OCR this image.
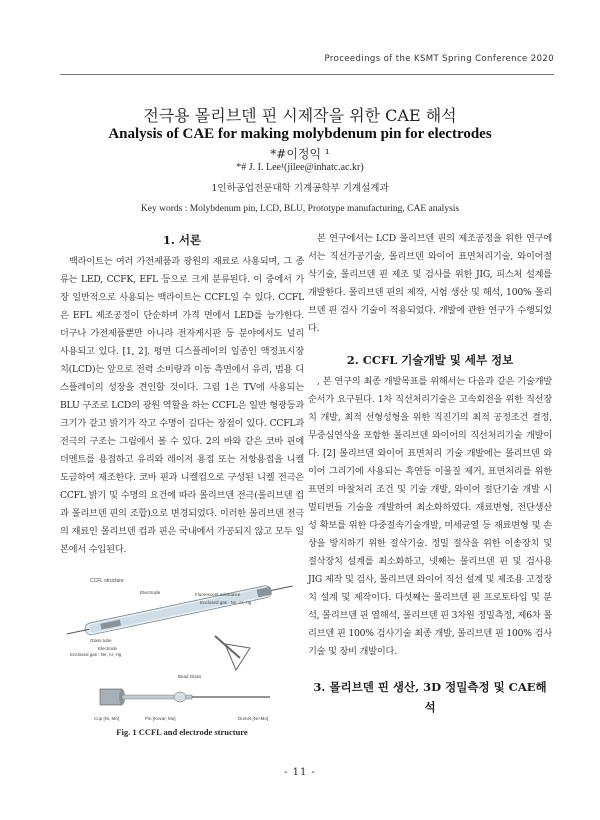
Proceedings of the KSMT Spring Conference 2020
전극용 몰리브덴 핀 시제작을 위한 CAE 해석
Analysis of CAE for making molybdenum pin for electrodes
*#이정익 ¹
*# J. I. Lee¹(jilee@inhatc.ac.kr)
1인하공업전문대학 기계공학부 기계설계과
Key words : Molybdenum pin, LCD, BLU, Prototype manufacturing, CAE analysis
1. 서론

백라이트는 여러 가전제품과 광원의 재료로 사용되며, 그 종류는 LED, CCFK, EFL 등으로 크게 분류된다. 이 중에서 가장 일반적으로 사용되는 백라이트는 CCFL일 수 있다. CCFL은 EFL 제조공정이 단순하며 가격 면에서 LED를 능가한다. 더구나 가전제품뿐만 아니라 전자게시판 등 분야에서도 널리 사용되고 있다. [1, 2]. 평면 디스플레이의 일종인 액정표시장치(LCD)는 앞으로 전력 소비량과 이동 측면에서 유리, 범용 디스플레이의 성장을 견인할 것이다. 그림 1은 TV에 사용되는 BLU 구조로 LCD의 광원 역할을 하는 CCFL은 일반 형광등과 크기가 같고 밝기가 작고 수명이 길다는 장점이 있다. CCFL과 전극의 구조는 그림에서 볼 수 있다. 2의 바와 같은 코바 핀에 더멘트를 용접하고 유리와 레이저 용접 또는 저항용접을 니켈 도금하여 제조한다. 코바 핀과 니켈컵으로 구성된 니켈 전극은 CCFL 밝기 및 수명의 요건에 따라 몰리브덴 전극(몰리브덴 컵과 몰리브덴 핀의 조합)으로 변경되었다. 이러한 몰리브덴 전극의 재료인 몰리브덴 컵과 핀은 국내에서 가공되지 않고 모두 일본에서 수입된다.

본 연구에서는 LCD 몰리브덴 핀의 제조공정을 위한 연구에서는 직선가공기술, 몰리브덴 와이어 표면처리기술, 와이어절삭기술, 몰리브덴 핀 제조 및 검사를 위한 JIG, 피스처 설계를 개발한다. 몰리브덴 핀의 제작, 시험 생산 및 해석, 100% 몰리브덴 핀 검사 기술이 적용되었다. 개발에 관한 연구가 수행되었다.

2. CCFL 기술개발 및 세부 정보

, 본 연구의 최종 개발목표를 위해서는 다음과 같은 기술개발 순서가 요구된다. 1차 직선처리기술은 고속회전을 위한 직선장치 개발, 최적 선형성형을 위한 직진기의 최적 공정조건 결정, 무중심연삭을 포함한 몰리브덴 와이어의 직선처리기술 개발이다. [2] 몰리브덴 와이어 표면처리 기술 개발에는 몰리브덴 와이어 그리기에 사용되는 흑연등 이물질 제거, 표면처리를 위한 표면의 마찰처리 조건 및 기술 개발, 와이어 절단기술 개발 시 멀티번들 기술을 개발하여 최소화하였다. 재료변형, 전단생산성 확보를 위한 다중절속기술개발, 미세균열 등 재료변형 및 손상을 방지하기 위한 절삭기술. 정밀 절삭을 위한 이송장치 및 절삭장치 설계를 최소화하고, 넷째는 몰리브덴 핀 및 검사용 JIG 제작 및 검사, 몰리브덴 와이어 직선 설계 및 제조용 고정장치 설계 및 제작이다. 다섯째는 몰리브덴 핀 프로토타입 및 분석, 몰리브덴 핀 열해석, 몰리브덴 핀 3차원 정밀측정, 제6차 몰리브덴 핀 100% 검사기술 최종 개발, 몰리브덴 핀 100% 검사기술 및 장비 개발이다.

3. 몰리브덴 핀 생산, 3D 정밀측정 및 CAE해석
CCFL structure
Electrode	Fluorescent substance
Enclosed gas : Ne, Ar, Hg
Glass tube
Electrode
Enclosed gas : Ne, Ar, Hg
Bead Glass
Cup [Ni, Mo]	Pin [Kovar, Mo]	Dumet [Ni+Mo]
Fig. 1 CCFL and electrode structure
- 11 -
